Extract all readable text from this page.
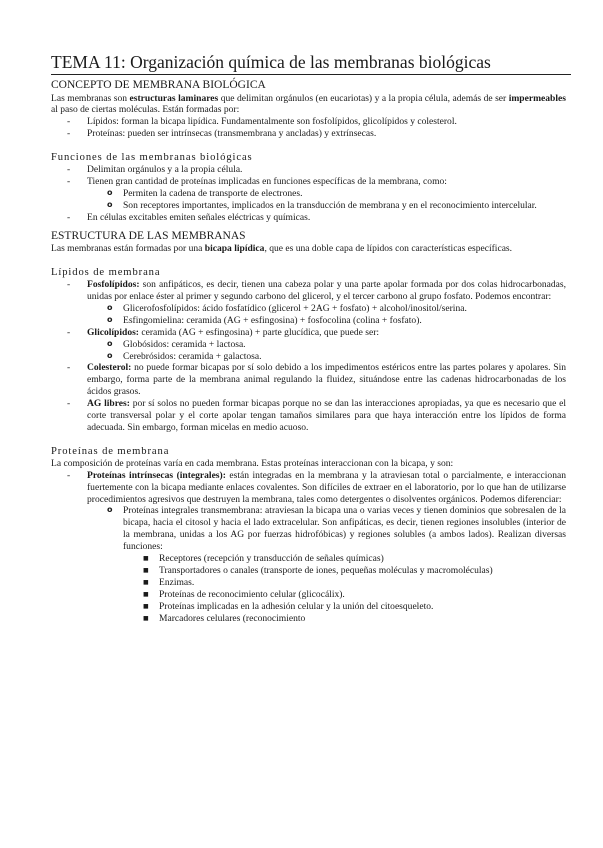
TEMA 11: Organización química de las membranas biológicas
CONCEPTO DE MEMBRANA BIOLÓGICA

Las membranas son estructuras laminares que delimitan orgánulos (en eucariotas) y a la propia célula, además de ser impermeables al paso de ciertas moléculas. Están formadas por:

- Lípidos: forman la bicapa lipídica. Fundamentalmente son fosfolípidos, glicolípidos y colesterol.
- Proteínas: pueden ser intrínsecas (transmembrana y ancladas) y extrínsecas.
Funciones de las membranas biológicas
- Delimitan orgánulos y a la propia célula.
- Tienen gran cantidad de proteínas implicadas en funciones específicas de la membrana, como:
o Permiten la cadena de transporte de electrones.
o Son receptores importantes, implicados en la transducción de membrana y en el reconocimiento intercelular.
- En células excitables emiten señales eléctricas y químicas.
ESTRUCTURA DE LAS MEMBRANAS

Las membranas están formadas por una bicapa lipídica, que es una doble capa de lípidos con características específicas.

Lípidos de membrana
- Fosfolípidos: son anfipáticos, es decir, tienen una cabeza polar y una parte apolar formada por dos colas hidrocarbonadas, unidas por enlace éster al primer y segundo carbono del glicerol, y el tercer carbono al grupo fosfato. Podemos encontrar:
o Glicerofosfolípidos: ácido fosfatídico (glicerol + 2AG + fosfato) + alcohol/inositol/serina.
o Esfingomielina: ceramida (AG + esfingosina) + fosfocolina (colina + fosfato).
- Glicolípidos: ceramida (AG + esfingosina) + parte glucídica, que puede ser:
o Globósidos: ceramida + lactosa.
o Cerebrósidos: ceramida + galactosa.
- Colesterol: no puede formar bicapas por sí solo debido a los impedimentos estéricos entre las partes polares y apolares. Sin embargo, forma parte de la membrana animal regulando la fluidez, situándose entre las cadenas hidrocarbonadas de los ácidos grasos.
- AG libres: por sí solos no pueden formar bicapas porque no se dan las interacciones apropiadas, ya que es necesario que el corte transversal polar y el corte apolar tengan tamaños similares para que haya interacción entre los lípidos de forma adecuada. Sin embargo, forman micelas en medio acuoso.
Proteínas de membrana

La composición de proteínas varía en cada membrana. Estas proteínas interaccionan con la bicapa, y son:

- Proteínas intrínsecas (integrales): están integradas en la membrana y la atraviesan total o parcialmente, e interaccionan fuertemente con la bicapa mediante enlaces covalentes. Son difíciles de extraer en el laboratorio, por lo que han de utilizarse procedimientos agresivos que destruyen la membrana, tales como detergentes o disolventes orgánicos. Podemos diferenciar:
o Proteínas integrales transmembrana: atraviesan la bicapa una o varias veces y tienen dominios que sobresalen de la bicapa, hacia el citosol y hacia el lado extracelular. Son anfipáticas, es decir, tienen regiones insolubles (interior de la membrana, unidas a los AG por fuerzas hidrofóbicas) y regiones solubles (a ambos lados). Realizan diversas funciones:
■ Receptores (recepción y transducción de señales químicas)
■ Transportadores o canales (transporte de iones, pequeñas moléculas y macromoléculas)
■ Enzimas.
■ Proteínas de reconocimiento celular (glicocálix).
■ Proteínas implicadas en la adhesión celular y la unión del citoesqueleto.
■ Marcadores celulares (reconocimiento
